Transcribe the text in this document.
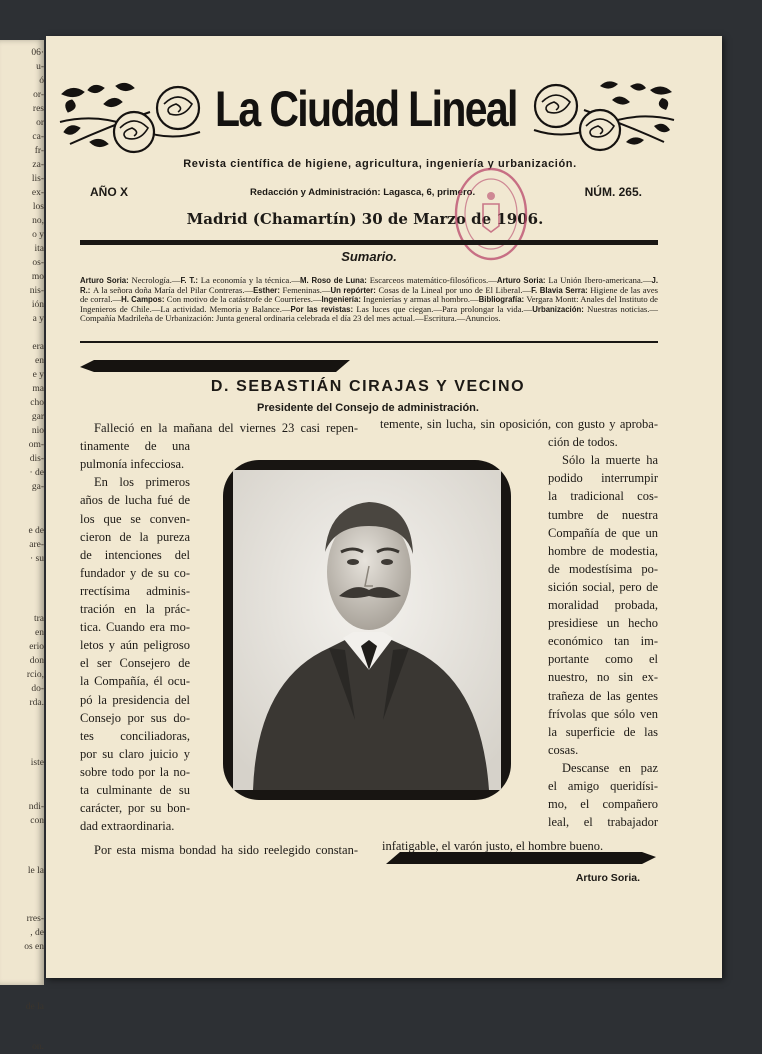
06·
u-
ó
or-
res
or
ca-
fr-
za-
lis-
ex-
los
no,
o y
ita
os-
mo
nis-
ión
a y
era
en
e y
ma
cho
gar
nio
om-
dis-
· de
ga-
e de
are-
· su
tra
en
erio
don
rcio,
do-
rda.
iste
ndi-
con
le la
rres-
, de
os en
de la
on.
La Ciudad Lineal
Revista científica de higiene, agricultura, ingeniería y urbanización.
AÑO X	Redacción y Administración: Lagasca, 6, primero.	NÚM. 265.
Madrid (Chamartín) 30 de Marzo de 1906.
Sumario.
Arturo Soria: Necrología.—F. T.: La economía y la técnica.—M. Roso de Luna: Escarceos matemático-filosóficos.—Arturo Soria: La Unión Ibero-americana.—J. R.: A la señora doña María del Pilar Contreras.—Esther: Femeninas.—Un repórter: Cosas de la Lineal por uno de El Liberal.—F. Blavia Serra: Higiene de las aves de corral.—H. Campos: Con motivo de la catástrofe de Courrieres.—Ingeniería: Ingenierías y armas al hombro.—Bibliografía: Vergara Montt: Anales del Instituto de Ingenieros de Chile.—La actividad. Memoria y Balance.—Por las revistas: Las luces que ciegan.—Para prolongar la vida.—Urbanización: Nuestras noticias.—Compañía Madrileña de Urbanización: Junta general ordinaria celebrada el día 23 del mes actual.—Escritura.—Anuncios.
D. SEBASTIÁN CIRAJAS Y VECINO
Presidente del Consejo de administración.
Falleció en la mañana del viernes 23 casi repen-
tinamente de una
pulmonía infecciosa.
En los primeros
años de lucha fué de
los que se conven-
cieron de la pureza
de intenciones del
fundador y de su co-
rrectísima adminis-
tración en la prác-
tica. Cuando era mo-
letos y aún peligroso
el ser Consejero de
la Compañía, él ocu-
pó la presidencia del
Consejo por sus do-
tes conciliadoras,
por su claro juicio y
sobre todo por la no-
ta culminante de su
carácter, por su bon-
dad extraordinaria.
Por esta misma bondad ha sido reelegido constan-
temente, sin lucha, sin oposición, con gusto y aproba-
ción de todos.
Sólo la muerte ha
podido interrumpir
la tradicional cos-
tumbre de nuestra
Compañía de que un
hombre de modestia,
de modestísima po-
sición social, pero de
moralidad probada,
presidiese un hecho
económico tan im-
portante como el
nuestro, no sin ex-
trañeza de las gentes
frívolas que sólo ven
la superficie de las
cosas.
Descanse en paz
el amigo queridísi-
mo, el compañero
leal, el trabajador
infatigable, el varón justo, el hombre bueno.
Arturo Soria.
